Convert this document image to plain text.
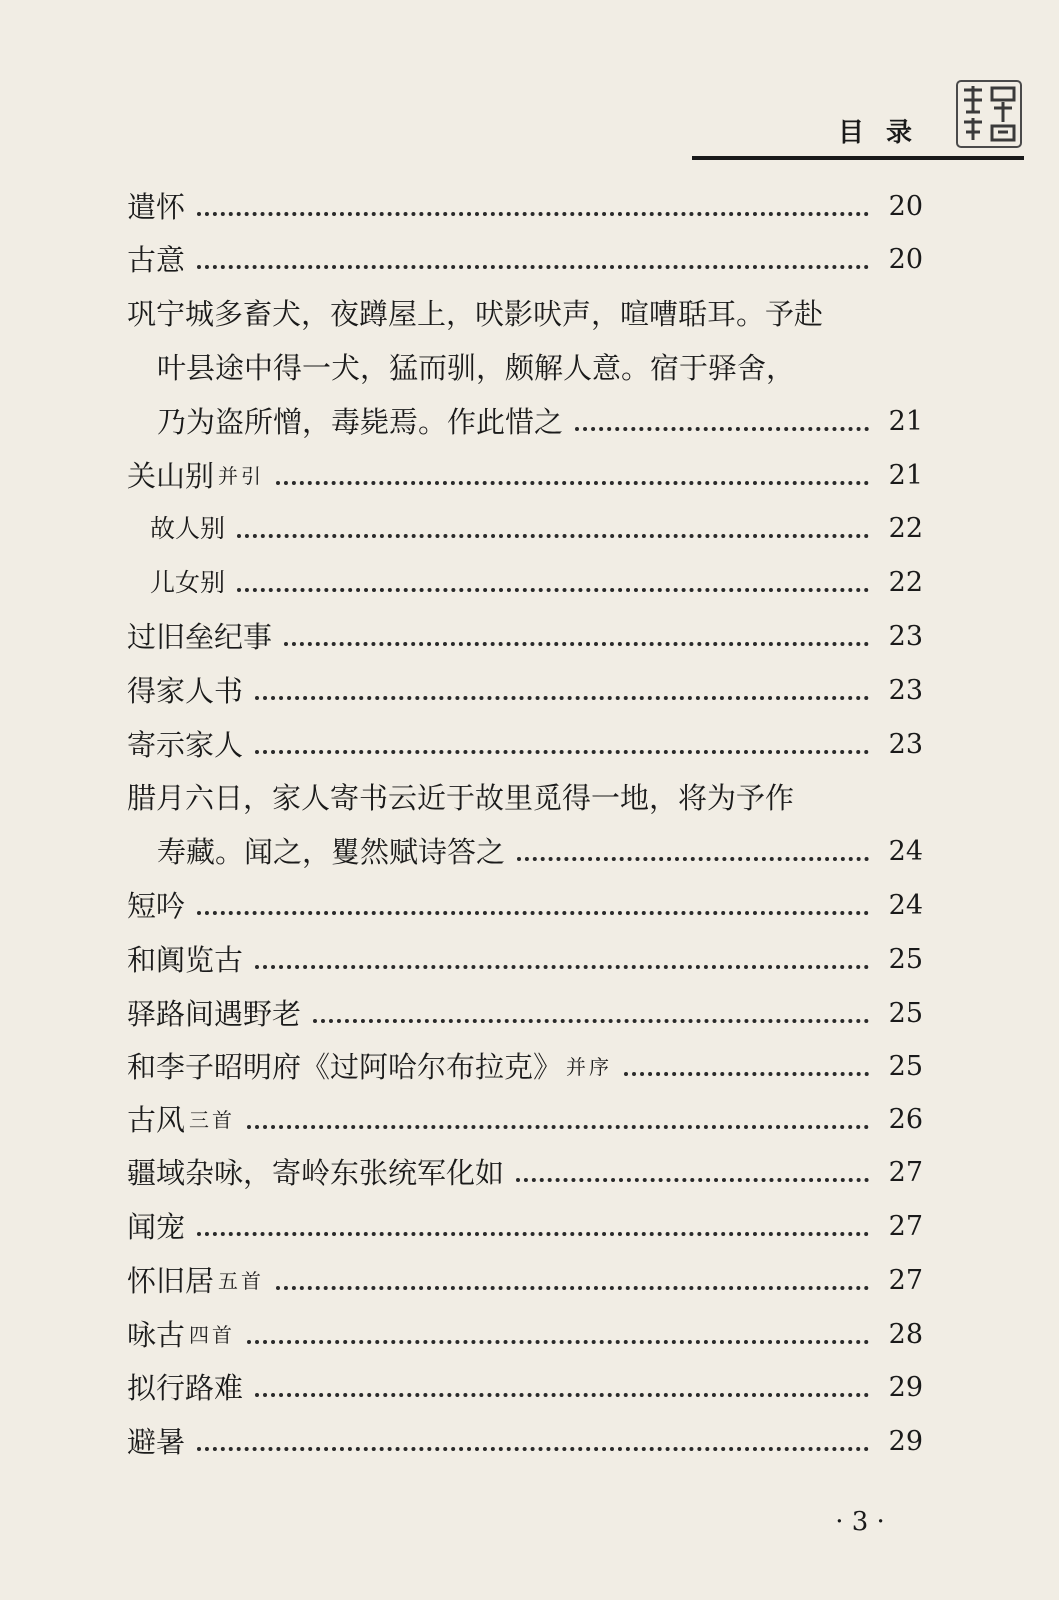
目录
遣怀	20
古意	20
巩宁城多畜犬，夜蹲屋上，吠影吠声，喧嘈聒耳。予赴
叶县途中得一犬，猛而驯，颇解人意。宿于驿舍，
乃为盗所憎，毒毙焉。作此惜之	21
关山别 并引	21
故人别	22
儿女别	22
过旧垒纪事	23
得家人书	23
寄示家人	23
腊月六日，家人寄书云近于故里觅得一地，将为予作
寿藏。闻之，矍然赋诗答之	24
短吟	24
和阗览古	25
驿路间遇野老	25
和李子昭明府《过阿哈尔布拉克》 并序	25
古风 三首	26
疆域杂咏，寄岭东张统军化如	27
闻宠	27
怀旧居 五首	27
咏古 四首	28
拟行路难	29
避暑	29
· 3 ·
